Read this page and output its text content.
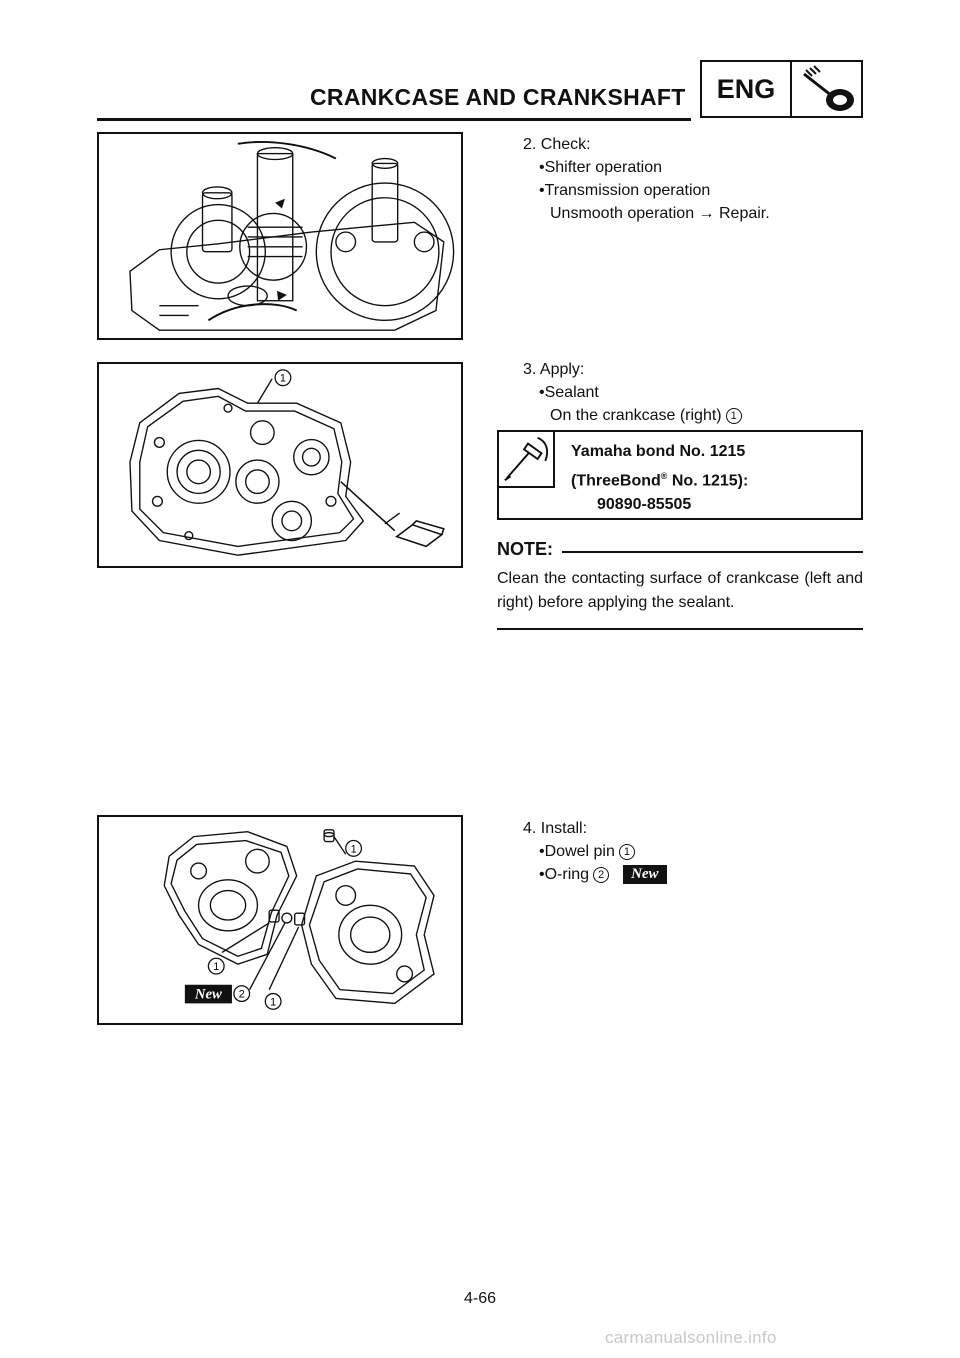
CRANKCASE AND CRANKSHAFT	ENG
2. Check:
•Shifter operation
•Transmission operation
Unsmooth operation → Repair.
1
3. Apply:
•Sealant
On the crankcase (right) 1
Yamaha bond No. 1215
(ThreeBond® No. 1215):
90890-85505
NOTE:
Clean the contacting surface of crankcase (left and right) before applying the sealant.
1
1
1
2
New
4. Install:
•Dowel pin 1
•O-ring 2 New
4-66
carmanualsonline.info
